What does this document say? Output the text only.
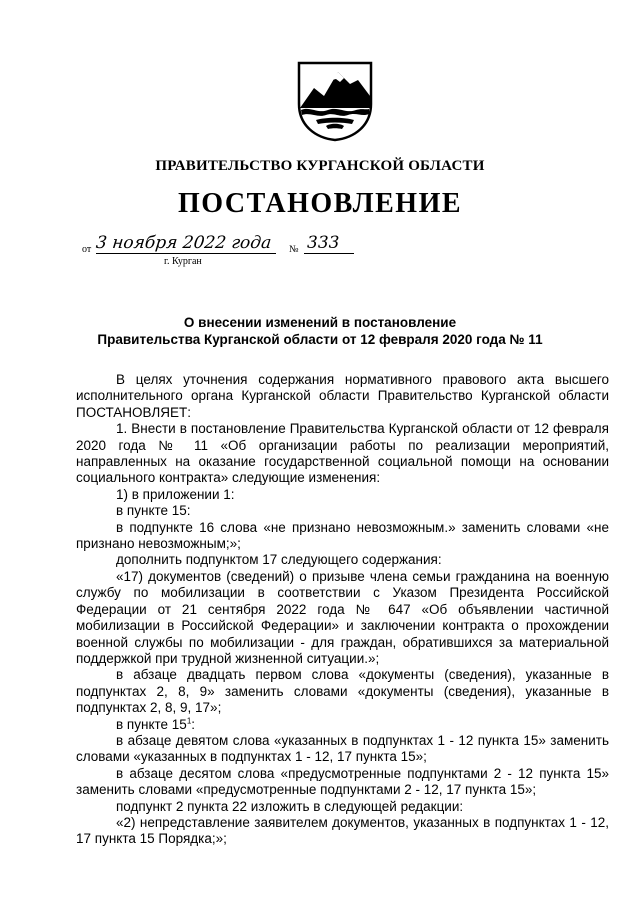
ПРАВИТЕЛЬСТВО КУРГАНСКОЙ ОБЛАСТИ
ПОСТАНОВЛЕНИЕ
от 3 ноября 2022 года № 333
г. Курган
О внесении изменений в постановление
Правительства Курганской области от 12 февраля 2020 года № 11

В целях уточнения содержания нормативного правового акта высшего исполнительного органа Курганской области Правительство Курганской области ПОСТАНОВЛЯЕТ:

1. Внести в постановление Правительства Курганской области от 12 февраля 2020 года № 11 «Об организации работы по реализации мероприятий, направленных на оказание государственной социальной помощи на основании социального контракта» следующие изменения:

1) в приложении 1:

в пункте 15:

в подпункте 16 слова «не признано невозможным.» заменить словами «не признано невозможным;»;

дополнить подпунктом 17 следующего содержания:

«17) документов (сведений) о призыве члена семьи гражданина на военную службу по мобилизации в соответствии с Указом Президента Российской Федерации от 21 сентября 2022 года № 647 «Об объявлении частичной мобилизации в Российской Федерации» и заключении контракта о прохождении военной службы по мобилизации - для граждан, обратившихся за материальной поддержкой при трудной жизненной ситуации.»;

в абзаце двадцать первом слова «документы (сведения), указанные в подпунктах 2, 8, 9» заменить словами «документы (сведения), указанные в подпунктах 2, 8, 9, 17»;

в пункте $15^1$:

в абзаце девятом слова «указанных в подпунктах 1 - 12 пункта 15» заменить словами «указанных в подпунктах 1 - 12, 17 пункта 15»;

в абзаце десятом слова «предусмотренные подпунктами 2 - 12 пункта 15» заменить словами «предусмотренные подпунктами 2 - 12, 17 пункта 15»;

подпункт 2 пункта 22 изложить в следующей редакции:

«2) непредставление заявителем документов, указанных в подпунктах 1 - 12, 17 пункта 15 Порядка;»;
